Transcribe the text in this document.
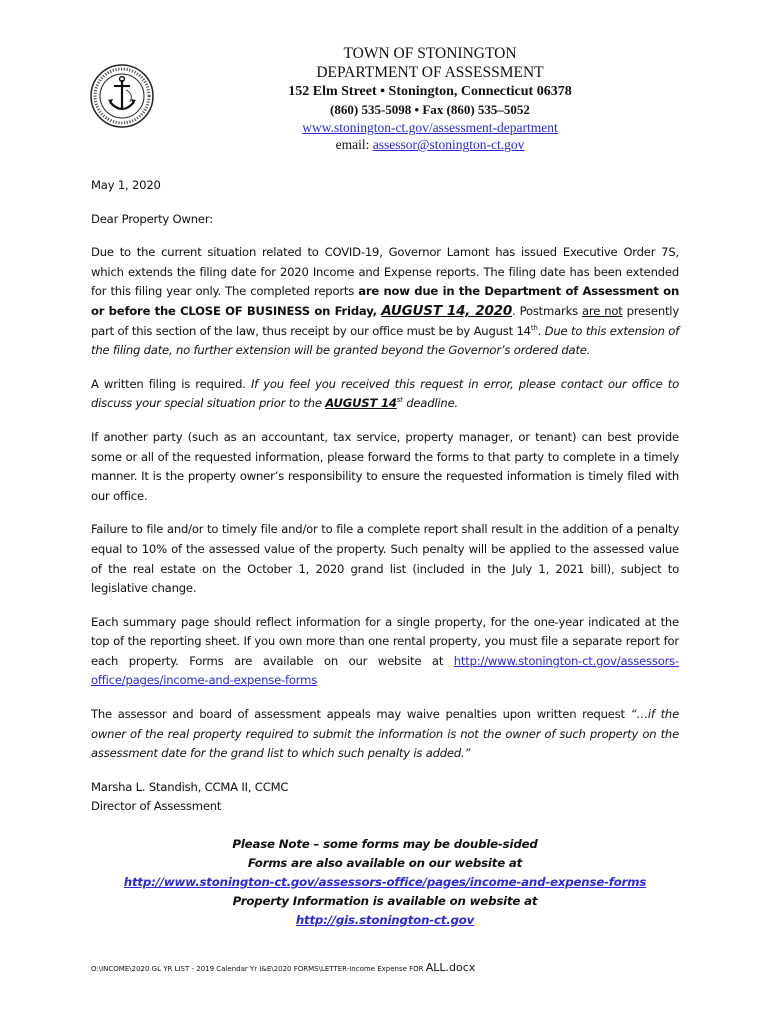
TOWN OF STONINGTON
DEPARTMENT OF ASSESSMENT
152 Elm Street • Stonington, Connecticut 06378
(860) 535-5098 • Fax (860) 535–5052
www.stonington-ct.gov/assessment-department
email: assessor@stonington-ct.gov

May 1, 2020

Dear Property Owner:

Due to the current situation related to COVID-19, Governor Lamont has issued Executive Order 7S, which extends the filing date for 2020 Income and Expense reports. The filing date has been extended for this filing year only. The completed reports are now due in the Department of Assessment on or before the CLOSE OF BUSINESS on Friday, AUGUST 14, 2020. Postmarks are not presently part of this section of the law, thus receipt by our office must be by August 14th. Due to this extension of the filing date, no further extension will be granted beyond the Governor’s ordered date.

A written filing is required. If you feel you received this request in error, please contact our office to discuss your special situation prior to the AUGUST 14st deadline.

If another party (such as an accountant, tax service, property manager, or tenant) can best provide some or all of the requested information, please forward the forms to that party to complete in a timely manner. It is the property owner’s responsibility to ensure the requested information is timely filed with our office.

Failure to file and/or to timely file and/or to file a complete report shall result in the addition of a penalty equal to 10% of the assessed value of the property. Such penalty will be applied to the assessed value of the real estate on the October 1, 2020 grand list (included in the July 1, 2021 bill), subject to legislative change.

Each summary page should reflect information for a single property, for the one-year indicated at the top of the reporting sheet. If you own more than one rental property, you must file a separate report for each property. Forms are available on our website at http://www.stonington-ct.gov/assessors-office/pages/income-and-expense-forms

The assessor and board of assessment appeals may waive penalties upon written request “…if the owner of the real property required to submit the information is not the owner of such property on the assessment date for the grand list to which such penalty is added.”

Marsha L. Standish, CCMA II, CCMC
Director of Assessment

Please Note – some forms may be double-sided
Forms are also available on our website at
http://www.stonington-ct.gov/assessors-office/pages/income-and-expense-forms
Property Information is available on website at
http://gis.stonington-ct.gov
O:\INCOME\2020 GL YR LIST - 2019 Calendar Yr I&E\2020 FORMS\LETTER-Income Expense FOR ALL.docx
